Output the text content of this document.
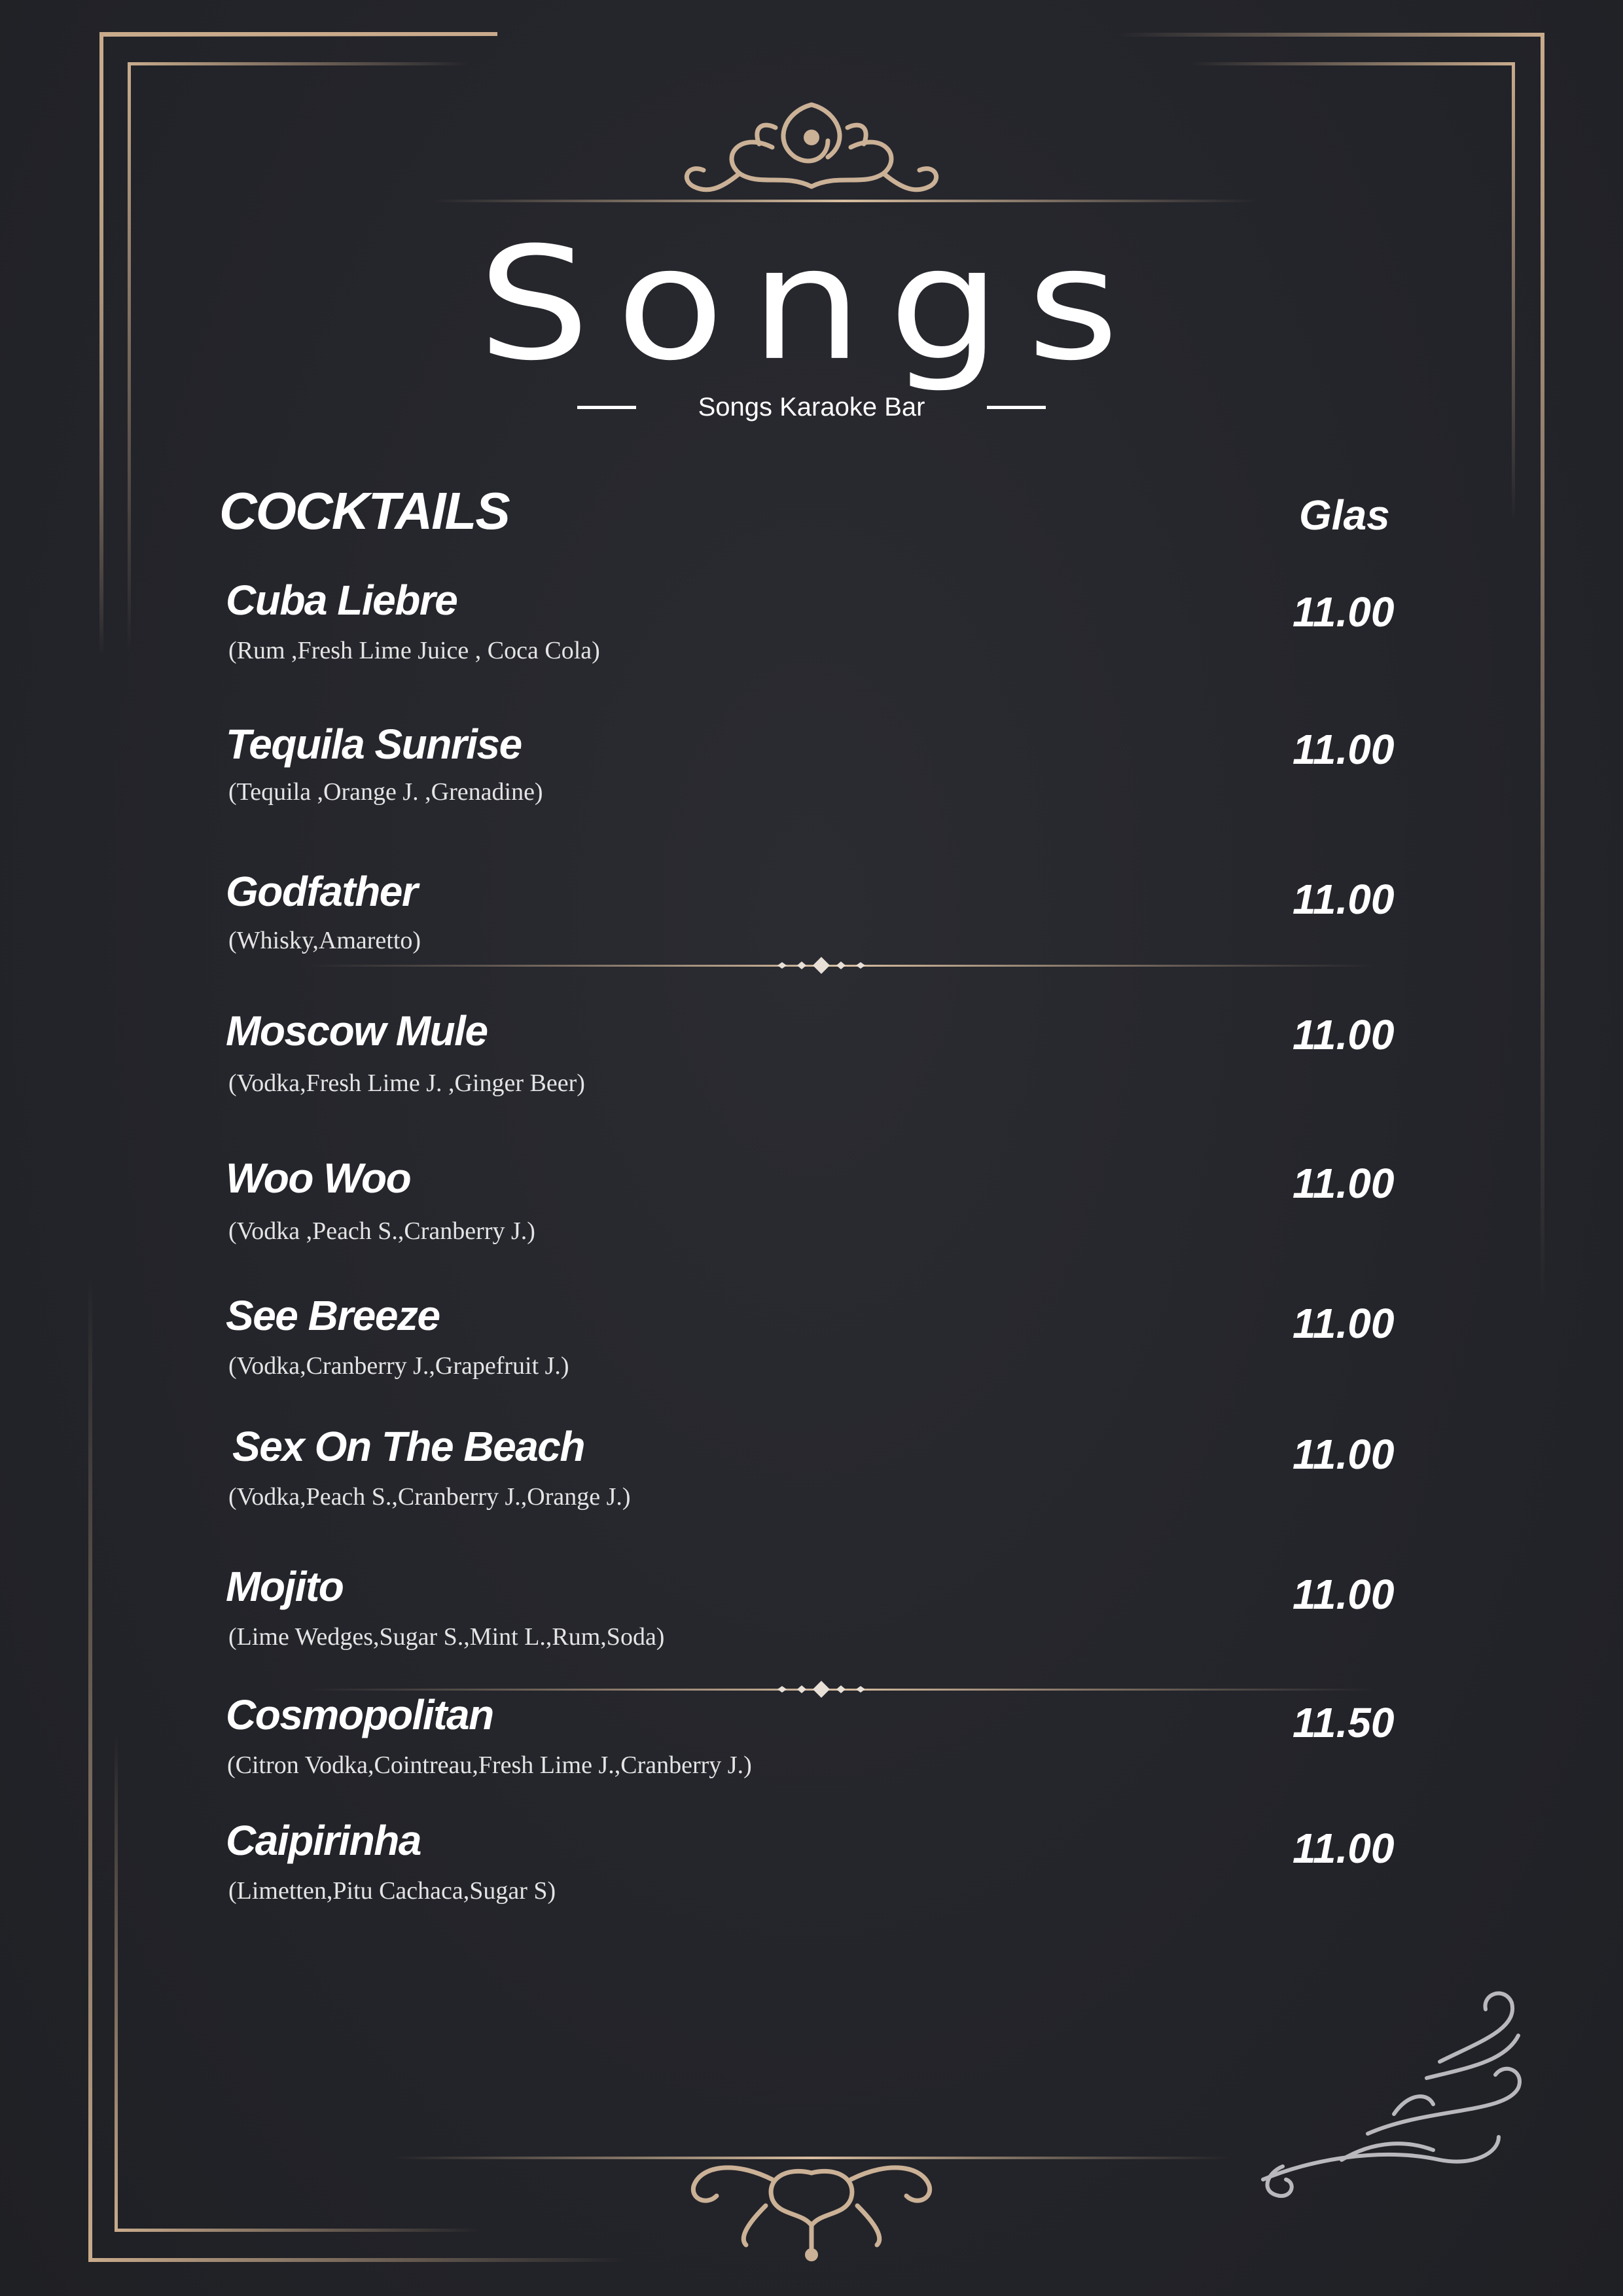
Songs
Songs Karaoke Bar
COCKTAILS	Glas
Cuba Liebre
(Rum ,Fresh Lime Juice , Coca Cola)
11.00
Tequila Sunrise
(Tequila ,Orange J. ,Grenadine)
11.00
Godfather
(Whisky,Amaretto)
11.00
Moscow Mule
(Vodka,Fresh Lime J. ,Ginger Beer)
11.00
Woo Woo
(Vodka ,Peach S.,Cranberry J.)
11.00
See Breeze
(Vodka,Cranberry J.,Grapefruit J.)
11.00
Sex On The Beach
(Vodka,Peach S.,Cranberry J.,Orange J.)
11.00
Mojito
(Lime Wedges,Sugar S.,Mint L.,Rum,Soda)
11.00
Cosmopolitan
(Citron Vodka,Cointreau,Fresh Lime J.,Cranberry J.)
11.50
Caipirinha
(Limetten,Pitu Cachaca,Sugar S)
11.00
